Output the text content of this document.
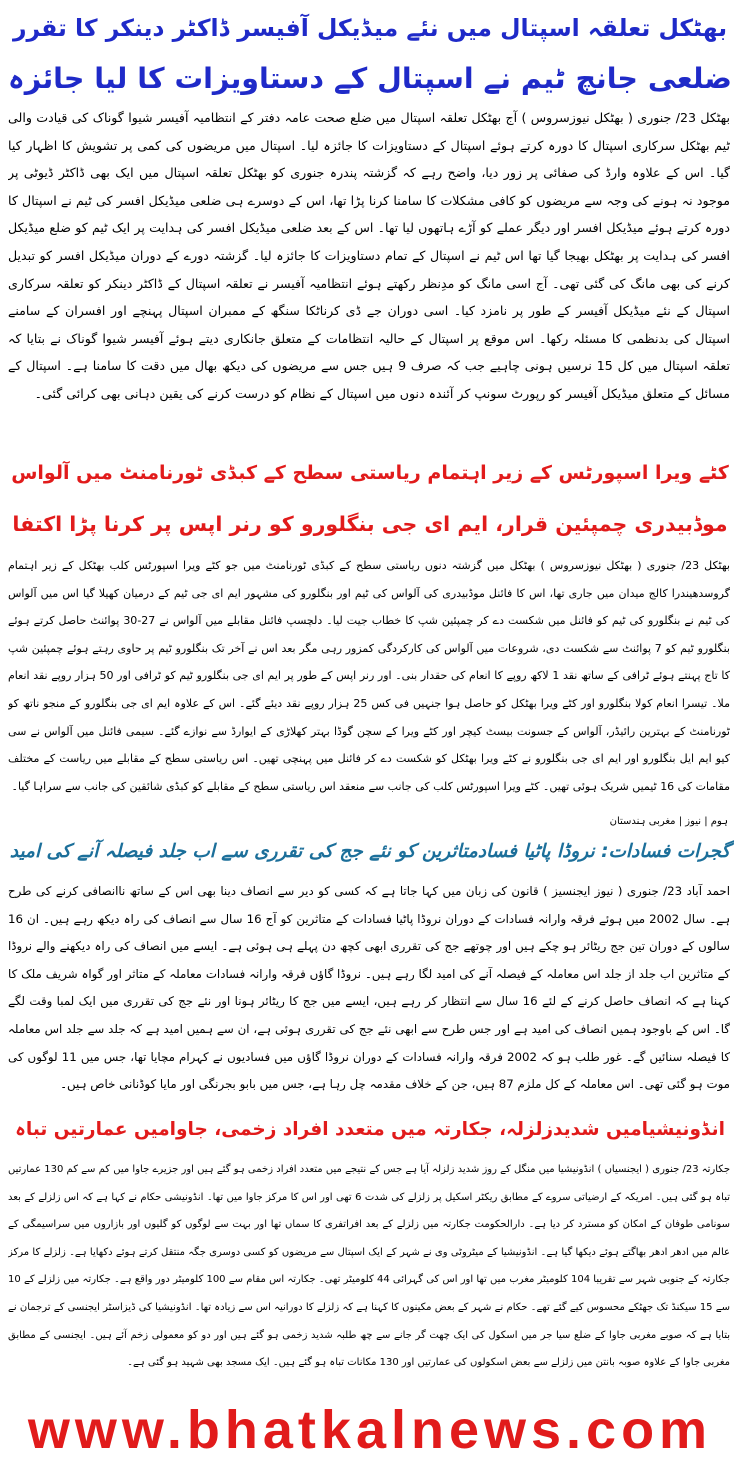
بھٹکل تعلقہ اسپتال میں نئے میڈیکل آفیسر ڈاکٹر دینکر کا تقرر
ضلعی جانچ ٹیم نے اسپتال کے دستاویزات کا لیا جائزہ
بھٹکل 23/ جنوری ( بھٹکل نیوزسروس ) آج بھٹکل تعلقہ اسپتال میں ضلع صحت عامہ دفتر کے انتظامیہ آفیسر شیوا گوناک کی قیادت والی ٹیم بھٹکل سرکاری اسپتال کا دورہ کرتے ہوئے اسپتال کے دستاویزات کا جائزہ لیا۔ اسپتال میں مریضوں کی کمی پر تشویش کا اظہار کیا گیا۔ اس کے علاوہ وارڈ کی صفائی پر زور دیا، واضح رہے کہ گزشتہ پندرہ جنوری کو بھٹکل تعلقہ اسپتال میں ایک بھی ڈاکٹر ڈیوٹی پر موجود نہ ہونے کی وجہ سے مریضوں کو کافی مشکلات کا سامنا کرنا پڑا تھا، اس کے دوسرے ہی ضلعی میڈیکل افسر کی ٹیم نے اسپتال کا دورہ کرتے ہوئے میڈیکل افسر اور دیگر عملے کو آڑے ہاتھوں لیا تھا۔ اس کے بعد ضلعی میڈیکل افسر کی ہدایت پر ایک ٹیم کو ضلع میڈیکل افسر کی ہدایت پر بھٹکل بھیجا گیا تھا اس ٹیم نے اسپتال کے تمام دستاویزات کا جائزہ لیا۔ گزشتہ دورے کے دوران میڈیکل افسر کو تبدیل کرنے کی بھی مانگ کی گئی تھی۔ آج اسی مانگ کو مدِنظر رکھتے ہوئے انتظامیہ آفیسر نے تعلقہ اسپتال کے ڈاکٹر دینکر کو تعلقہ سرکاری اسپتال کے نئے میڈیکل آفیسر کے طور پر نامزد کیا۔ اسی دوران جے ڈی کرناٹکا سنگھ کے ممبران اسپتال پہنچے اور افسران کے سامنے اسپتال کی بدنظمی کا مسئلہ رکھا۔ اس موقع پر اسپتال کے حالیہ انتظامات کے متعلق جانکاری دیتے ہوئے آفیسر شیوا گوناک نے بتایا کہ تعلقہ اسپتال میں کل 15 نرسیں ہونی چاہیے جب کہ صرف 9 ہیں جس سے مریضوں کی دیکھ بھال میں دقت کا سامنا ہے۔ اسپتال کے مسائل کے متعلق میڈیکل آفیسر کو رپورٹ سونپ کر آئندہ دنوں میں اسپتال کے نظام کو درست کرنے کی یقین دہانی بھی کرائی گئی۔
کٹے ویرا اسپورٹس کے زیر اہتمام ریاستی سطح کے کبڈی ٹورنامنٹ میں آلواس
موڈبیدری چمپئین قرار، ایم ای جی بنگلورو کو رنر اپس پر کرنا پڑا اکتفا
بھٹکل 23/ جنوری ( بھٹکل نیوزسروس ) بھٹکل میں گزشتہ دنوں ریاستی سطح کے کبڈی ٹورنامنٹ میں جو کٹے ویرا اسپورٹس کلب بھٹکل کے زیر اہتمام گروسدھیندرا کالج میدان میں جاری تھا، اس کا فائنل موڈبیدری کی آلواس کی ٹیم اور بنگلورو کی مشہور ایم ای جی ٹیم کے درمیان کھیلا گیا اس میں آلواس کی ٹیم نے بنگلورو کی ٹیم کو فائنل میں شکست دے کر چمپئین شپ کا خطاب جیت لیا۔ دلچسپ فائنل مقابلے میں آلواس نے 27-30 پوائنٹ حاصل کرتے ہوئے بنگلورو ٹیم کو 7 پوائنٹ سے شکست دی، شروعات میں آلواس کی کارکردگی کمزور رہی مگر بعد اس نے آخر تک بنگلورو ٹیم پر حاوی رہتے ہوئے چمپئین شپ کا تاج پہنتے ہوئے ٹرافی کے ساتھ نقد 1 لاکھ روپے کا انعام کی حقدار بنی۔ اور رنر اپس کے طور پر ایم ای جی بنگلورو ٹیم کو ٹرافی اور 50 ہزار روپے نقد انعام ملا۔ تیسرا انعام کولا بنگلورو اور کٹے ویرا بھٹکل کو حاصل ہوا جنہیں فی کس 25 ہزار روپے نقد دیئے گئے۔ اس کے علاوہ ایم ای جی بنگلورو کے منجو ناتھ کو ٹورنامنٹ کے بہترین رائیڈر، آلواس کے جسونت بیسٹ کیچر اور کٹے ویرا کے سچن گوڈا بہتر کھلاڑی کے ایوارڈ سے نوازے گئے۔ سیمی فائنل میں آلواس نے سی کیو ایم ایل بنگلورو اور ایم ای جی بنگلورو نے کٹے ویرا بھٹکل کو شکست دے کر فائنل میں پہنچی تھیں۔ اس ریاستی سطح کے مقابلے میں ریاست کے مختلف مقامات کی 16 ٹیمیں شریک ہوئی تھیں۔ کٹے ویرا اسپورٹس کلب کی جانب سے منعقد اس ریاستی سطح کے مقابلے کو کبڈی شائقین کی جانب سے سراہا گیا۔
ہوم | نیوز | مغربی ہندستان
گجرات فسادات: نروڈا پاٹیا فسادمتاثرین کو نئے جج کی تقرری سے اب جلد فیصلہ آنے کی امید
احمد آباد 23/ جنوری ( نیوز ایجنسیز ) قانون کی زبان میں کہا جاتا ہے کہ کسی کو دیر سے انصاف دینا بھی اس کے ساتھ ناانصافی کرنے کی طرح ہے۔ سال 2002 میں ہوئے فرقہ وارانہ فسادات کے دوران نروڈا پاٹیا فسادات کے متاثرین کو آج 16 سال سے انصاف کی راہ دیکھ رہے ہیں۔ ان 16 سالوں کے دوران تین جج ریٹائر ہو چکے ہیں اور چوتھے جج کی تقرری ابھی کچھ دن پہلے ہی ہوئی ہے۔ ایسے میں انصاف کی راہ دیکھنے والے نروڈا کے متاثرین اب جلد از جلد اس معاملہ کے فیصلہ آنے کی امید لگا رہے ہیں۔ نروڈا گاؤں فرقہ وارانہ فسادات معاملہ کے متاثر اور گواہ شریف ملک کا کہنا ہے کہ انصاف حاصل کرنے کے لئے 16 سال سے انتظار کر رہے ہیں، ایسے میں جج کا ریٹائر ہونا اور نئے جج کی تقرری میں ایک لمبا وقت لگے گا۔ اس کے باوجود ہمیں انصاف کی امید ہے اور جس طرح سے ابھی نئے جج کی تقرری ہوئی ہے، ان سے ہمیں امید ہے کہ جلد سے جلد اس معاملہ کا فیصلہ سنائیں گے۔ غور طلب ہو کہ 2002 فرقہ وارانہ فسادات کے دوران نروڈا گاؤں میں فسادیوں نے کہرام مچایا تھا، جس میں 11 لوگوں کی موت ہو گئی تھی۔ اس معاملہ کے کل ملزم 87 ہیں، جن کے خلاف مقدمہ چل رہا ہے، جس میں بابو بجرنگی اور مایا کوڈنانی خاص ہیں۔
انڈونیشیامیں شدیدزلزلہ، جکارتہ میں متعدد افراد زخمی، جاوامیں عمارتیں تباہ
جکارتہ 23/ جنوری ( ایجنسیاں ) انڈونیشیا میں منگل کے روز شدید زلزلہ آیا ہے جس کے نتیجے میں متعدد افراد زخمی ہو گئے ہیں اور جزیرے جاوا میں کم سے کم 130 عمارتیں تباہ ہو گئی ہیں۔ امریکہ کے ارضیاتی سروے کے مطابق ریکٹر اسکیل پر زلزلے کی شدت 6 تھی اور اس کا مرکز جاوا میں تھا۔ انڈونیشی حکام نے کہا ہے کہ اس زلزلے کے بعد سونامی طوفان کے امکان کو مسترد کر دیا ہے۔ دارالحکومت جکارتہ میں زلزلے کے بعد افراتفری کا سماں تھا اور بہت سے لوگوں کو گلیوں اور بازاروں میں سراسیمگی کے عالم میں ادھر ادھر بھاگتے ہوئے دیکھا گیا ہے۔ انڈونیشیا کے میٹروٹی وی نے شہر کے ایک اسپتال سے مریضوں کو کسی دوسری جگہ منتقل کرتے ہوئے دکھایا ہے۔ زلزلے کا مرکز جکارتہ کے جنوبی شہر سے تقریبا 104 کلومیٹر مغرب میں تھا اور اس کی گہرائی 44 کلومیٹر تھی۔ جکارتہ اس مقام سے 100 کلومیٹر دور واقع ہے۔ جکارتہ میں زلزلے کے 10 سے 15 سیکنڈ تک جھٹکے محسوس کیے گئے تھے۔ حکام نے شہر کے بعض مکینوں کا کہنا ہے کہ زلزلے کا دورانیہ اس سے زیادہ تھا۔ انڈونیشیا کی ڈیزاسٹر ایجنسی کے ترجمان نے بتایا ہے کہ صوبے مغربی جاوا کے ضلع سیا جر میں اسکول کی ایک چھت گر جانے سے چھ طلبہ شدید زخمی ہو گئے ہیں اور دو کو معمولی زخم آئے ہیں۔ ایجنسی کے مطابق مغربی جاوا کے علاوہ صوبہ بانتن میں زلزلے سے بعض اسکولوں کی عمارتیں اور 130 مکانات تباہ ہو گئے ہیں۔ ایک مسجد بھی شہید ہو گئی ہے۔
www.bhatkalnews.com
